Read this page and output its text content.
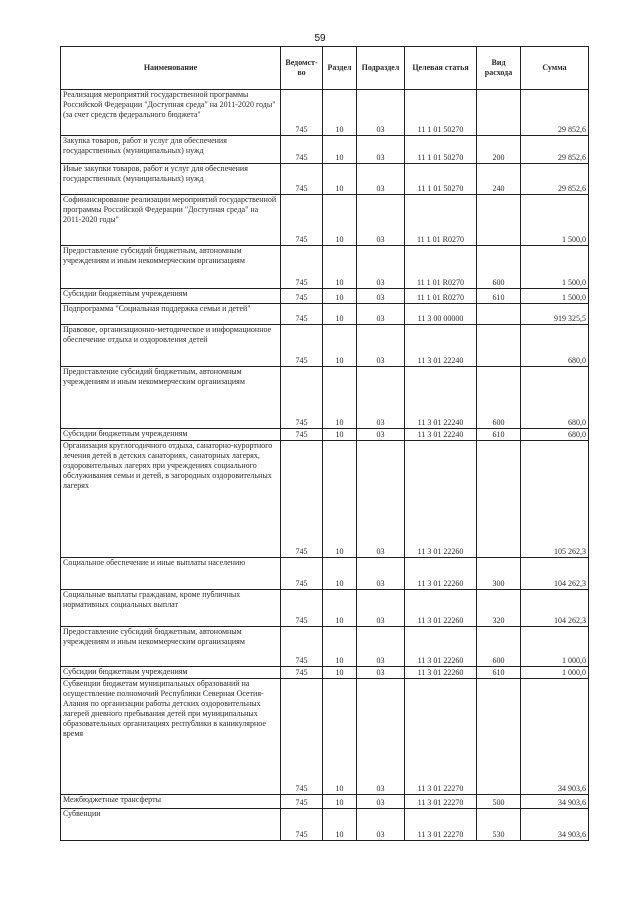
59
Наименование	Ведомст-во	Раздел	Подраздел	Целевая статья	Вид расхода	Сумма
Реализация мероприятий государственной программы Российской Федерации "Доступная среда" на 2011-2020 годы" (за счет средств федерального бюджета"	745	10	03	11 1 01 50270		29 852,6
Закупка товаров, работ и услуг для обеспечения государственных (муниципальных) нужд	745	10	03	11 1 01 50270	200	29 852,6
Иные закупки товаров, работ и услуг для обеспечения государственных (муниципальных) нужд	745	10	03	11 1 01 50270	240	29 852,6
Софинансирование реализации мероприятий государственной программы Российской Федерации "Доступная среда" на 2011-2020 годы"	745	10	03	11 1 01 R0270		1 500,0
Предоставление субсидий бюджетным, автономным учреждениям и иным некоммерческим организациям	745	10	03	11 1 01 R0270	600	1 500,0
Субсидии бюджетным учреждениям	745	10	03	11 1 01 R0270	610	1 500,0
Подпрограмма "Социальная поддержка семьи и детей"	745	10	03	11 3 00 00000		919 325,5
Правовое, организационно-методическое и информационное обеспечение отдыха и оздоровления детей	745	10	03	11 3 01 22240		680,0
Предоставление субсидий бюджетным, автономным учреждениям и иным некоммерческим организациям	745	10	03	11 3 01 22240	600	680,0
Субсидии бюджетным учреждениям	745	10	03	11 3 01 22240	610	680,0
Организация круглогодичного отдыха, санаторно-курортного лечения детей в детских санаториях, санаторных лагерях, оздоровительных лагерях при учреждениях социального обслуживания семьи и детей, в загородных оздоровительных лагерях	745	10	03	11 3 01 22260		105 262,3
Социальное обеспечение и иные выплаты населению	745	10	03	11 3 01 22260	300	104 262,3
Социальные выплаты гражданам, кроме публичных нормативных социальных выплат	745	10	03	11 3 01 22260	320	104 262,3
Предоставление субсидий бюджетным, автономным учреждениям и иным некоммерческим организациям	745	10	03	11 3 01 22260	600	1 000,0
Субсидии бюджетным учреждениям	745	10	03	11 3 01 22260	610	1 000,0
Субвенции бюджетам муниципальных образований на осуществление полномочий Республики Северная Осетия-Алания по организации работы детских оздоровительных лагерей дневного пребывания детей при муниципальных образовательных организациях республики в каникулярное время	745	10	03	11 3 01 22270		34 903,6
Межбюджетные трансферты	745	10	03	11 3 01 22270	500	34 903,6
Субвенции	745	10	03	11 3 01 22270	530	34 903,6
